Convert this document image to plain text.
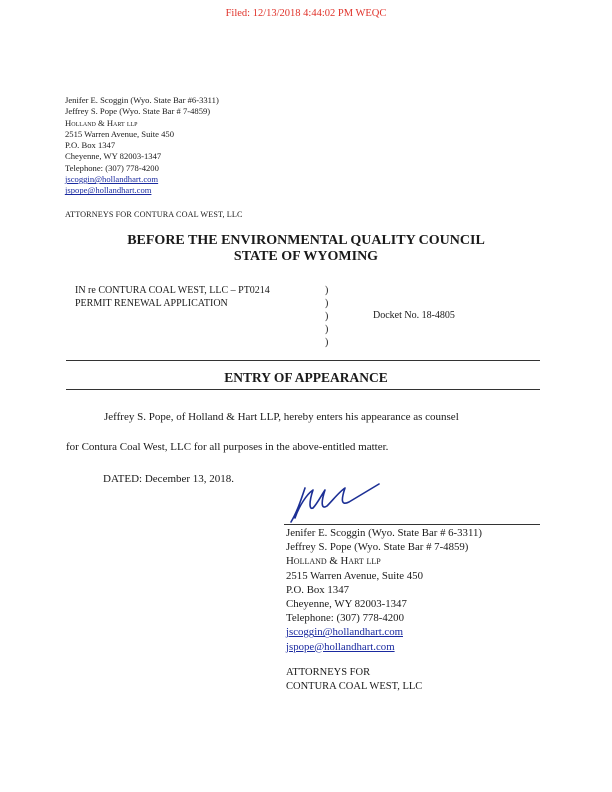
Filed: 12/13/2018 4:44:02 PM WEQC
Jenifer E. Scoggin (Wyo. State Bar #6-3311)
Jeffrey S. Pope (Wyo. State Bar # 7-4859)
Holland & Hart llp
2515 Warren Avenue, Suite 450
P.O. Box 1347
Cheyenne, WY 82003-1347
Telephone: (307) 778-4200
jscoggin@hollandhart.com
jspope@hollandhart.com
ATTORNEYS FOR CONTURA COAL WEST, LLC
BEFORE THE ENVIRONMENTAL QUALITY COUNCIL
STATE OF WYOMING
IN re CONTURA COAL WEST, LLC – PT0214
PERMIT RENEWAL APPLICATION
)
)
)
)
)
Docket No. 18-4805
ENTRY OF APPEARANCE
Jeffrey S. Pope, of Holland & Hart LLP, hereby enters his appearance as counsel
for Contura Coal West, LLC for all purposes in the above-entitled matter.
DATED: December 13, 2018.
Jenifer E. Scoggin (Wyo. State Bar # 6-3311)
Jeffrey S. Pope (Wyo. State Bar # 7-4859)
Holland & Hart llp
2515 Warren Avenue, Suite 450
P.O. Box 1347
Cheyenne, WY 82003-1347
Telephone: (307) 778-4200
jscoggin@hollandhart.com
jspope@hollandhart.com
ATTORNEYS FOR
CONTURA COAL WEST, LLC
